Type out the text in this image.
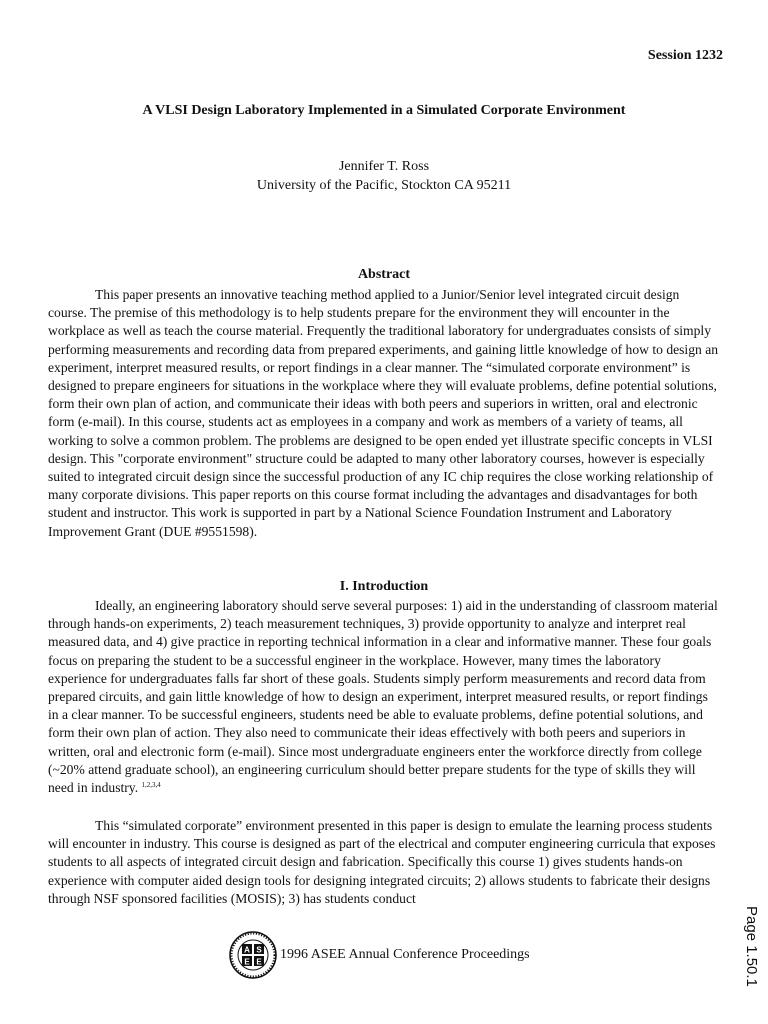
Session 1232
A VLSI Design Laboratory Implemented in a Simulated Corporate Environment
Jennifer T. Ross
University of the Pacific, Stockton CA 95211
Abstract

This paper presents an innovative teaching method applied to a Junior/Senior level integrated circuit design course. The premise of this methodology is to help students prepare for the environment they will encounter in the workplace as well as teach the course material. Frequently the traditional laboratory for undergraduates consists of simply performing measurements and recording data from prepared experiments, and gaining little knowledge of how to design an experiment, interpret measured results, or report findings in a clear manner. The “simulated corporate environment” is designed to prepare engineers for situations in the workplace where they will evaluate problems, define potential solutions, form their own plan of action, and communicate their ideas with both peers and superiors in written, oral and electronic form (e-mail). In this course, students act as employees in a company and work as members of a variety of teams, all working to solve a common problem. The problems are designed to be open ended yet illustrate specific concepts in VLSI design. This "corporate environment" structure could be adapted to many other laboratory courses, however is especially suited to integrated circuit design since the successful production of any IC chip requires the close working relationship of many corporate divisions. This paper reports on this course format including the advantages and disadvantages for both student and instructor. This work is supported in part by a National Science Foundation Instrument and Laboratory Improvement Grant (DUE #9551598).

I. Introduction

Ideally, an engineering laboratory should serve several purposes: 1) aid in the understanding of classroom material through hands-on experiments, 2) teach measurement techniques, 3) provide opportunity to analyze and interpret real measured data, and 4) give practice in reporting technical information in a clear and informative manner. These four goals focus on preparing the student to be a successful engineer in the workplace. However, many times the laboratory experience for undergraduates falls far short of these goals. Students simply perform measurements and record data from prepared circuits, and gain little knowledge of how to design an experiment, interpret measured results, or report findings in a clear manner. To be successful engineers, students need be able to evaluate problems, define potential solutions, and form their own plan of action. They also need to communicate their ideas effectively with both peers and superiors in written, oral and electronic form (e-mail). Since most undergraduate engineers enter the workforce directly from college (~20% attend graduate school), an engineering curriculum should better prepare students for the type of skills they will need in industry. $^{1,2,3,4}$

This “simulated corporate” environment presented in this paper is design to emulate the learning process students will encounter in industry. This course is designed as part of the electrical and computer engineering curricula that exposes students to all aspects of integrated circuit design and fabrication. Specifically this course 1) gives students hands-on experience with computer aided design tools for designing integrated circuits; 2) allows students to fabricate their designs through NSF sponsored facilities (MOSIS); 3) has students conduct

A S
E E 1996 ASEE Annual Conference Proceedings	Page 1.50.1
